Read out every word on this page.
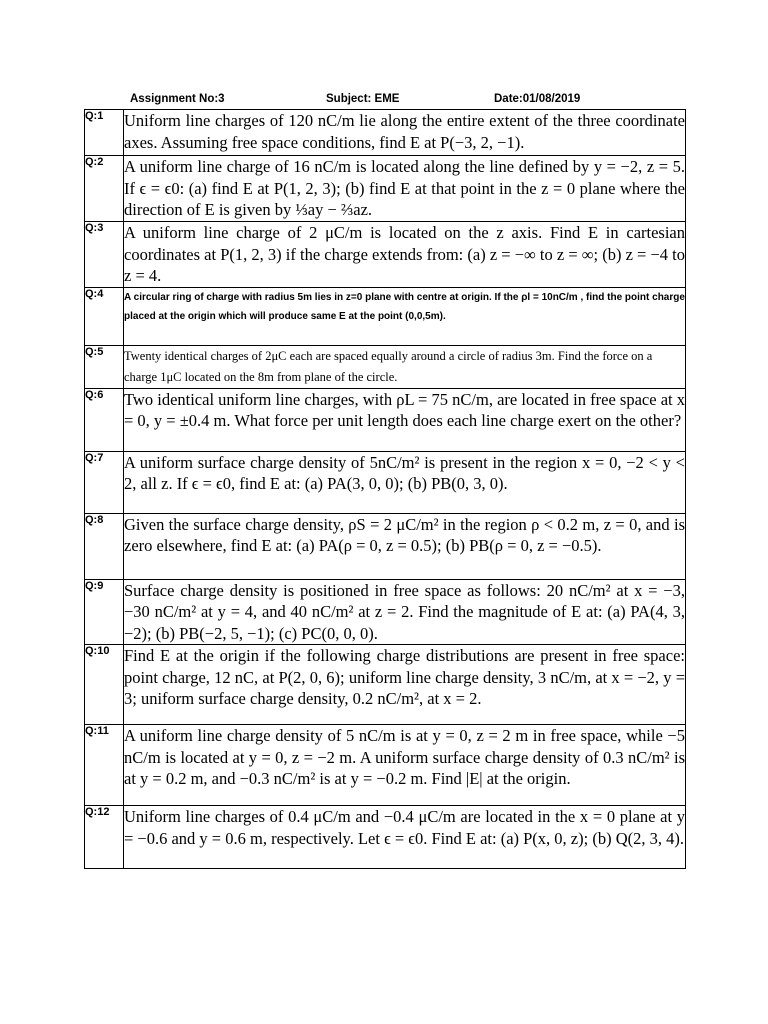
Assignment No:3	Subject: EME	Date:01/08/2019
Q:1	Uniform line charges of 120 nC/m lie along the entire extent of the three coordinate axes. Assuming free space conditions, find E at P(−3, 2, −1).
Q:2	A uniform line charge of 16 nC/m is located along the line defined by y = −2, z = 5. If ϵ = ϵ0: (a) find E at P(1, 2, 3); (b) find E at that point in the z = 0 plane where the direction of E is given by ⅓ay − ⅔az.
Q:3	A uniform line charge of 2 μC/m is located on the z axis. Find E in cartesian coordinates at P(1, 2, 3) if the charge extends from: (a) z = −∞ to z = ∞; (b) z = −4 to z = 4.
Q:4	A circular ring of charge with radius 5m lies in z=0 plane with centre at origin. If the ρl = 10nC/m , find the point charge placed at the origin which will produce same E at the point (0,0,5m).
Q:5	Twenty identical charges of 2μC each are spaced equally around a circle of radius 3m. Find the force on a charge 1μC located on the 8m from plane of the circle.
Q:6	Two identical uniform line charges, with ρL = 75 nC/m, are located in free space at x = 0, y = ±0.4 m. What force per unit length does each line charge exert on the other?
Q:7	A uniform surface charge density of 5nC/m² is present in the region x = 0, −2 < y < 2, all z. If ϵ = ϵ0, find E at: (a) PA(3, 0, 0); (b) PB(0, 3, 0).
Q:8	Given the surface charge density, ρS = 2 μC/m² in the region ρ < 0.2 m, z = 0, and is zero elsewhere, find E at: (a) PA(ρ = 0, z = 0.5); (b) PB(ρ = 0, z = −0.5).
Q:9	Surface charge density is positioned in free space as follows: 20 nC/m² at x = −3, −30 nC/m² at y = 4, and 40 nC/m² at z = 2. Find the magnitude of E at: (a) PA(4, 3, −2); (b) PB(−2, 5, −1); (c) PC(0, 0, 0).
Q:10	Find E at the origin if the following charge distributions are present in free space: point charge, 12 nC, at P(2, 0, 6); uniform line charge density, 3 nC/m, at x = −2, y = 3; uniform surface charge density, 0.2 nC/m², at x = 2.
Q:11	A uniform line charge density of 5 nC/m is at y = 0, z = 2 m in free space, while −5 nC/m is located at y = 0, z = −2 m. A uniform surface charge density of 0.3 nC/m² is at y = 0.2 m, and −0.3 nC/m² is at y = −0.2 m. Find |E| at the origin.
Q:12	Uniform line charges of 0.4 μC/m and −0.4 μC/m are located in the x = 0 plane at y = −0.6 and y = 0.6 m, respectively. Let ϵ = ϵ0. Find E at: (a) P(x, 0, z); (b) Q(2, 3, 4).
